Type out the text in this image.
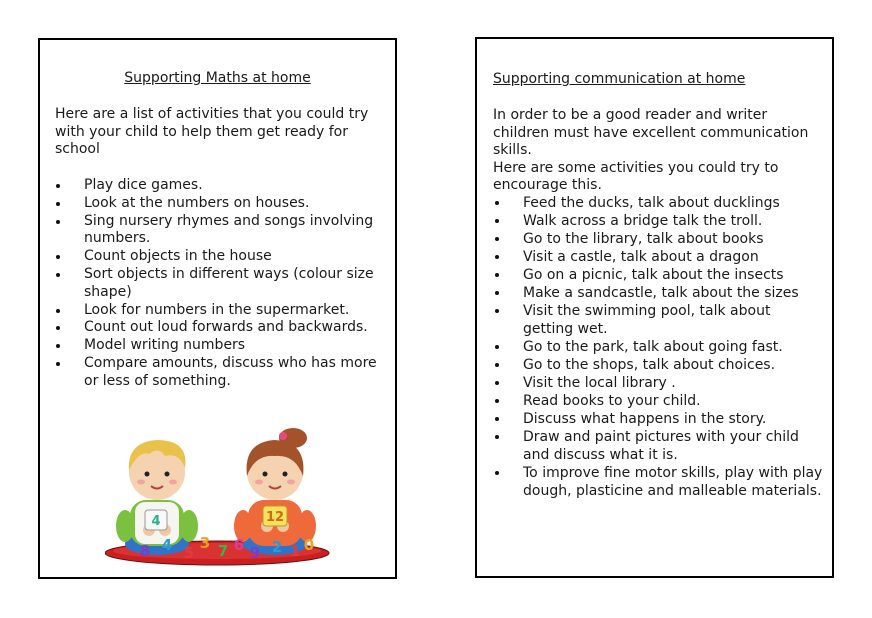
Supporting Maths at home

Here are a list of activities that you could try with your child to help them get ready for school

Play dice games.
Look at the numbers on houses.
Sing nursery rhymes and songs involving numbers.
Count objects in the house
Sort objects in different ways (colour size shape)
Look for numbers in the supermarket.
Count out loud forwards and backwards.
Model writing numbers
Compare amounts, discuss who has more or less of something.
4	12
8 4 5
3 7 6 9 2 1 0
Supporting communication at home
In order to be a good reader and writer children must have excellent communication skills.
Here are some activities you could try to encourage this.
Feed the ducks, talk about ducklings
Walk across a bridge talk the troll.
Go to the library, talk about books
Visit a castle, talk about a dragon
Go on a picnic, talk about the insects
Make a sandcastle, talk about the sizes
Visit the swimming pool, talk about getting wet.
Go to the park, talk about going fast.
Go to the shops, talk about choices.
Visit the local library .
Read books to your child.
Discuss what happens in the story.
Draw and paint pictures with your child and discuss what it is.
To improve fine motor skills, play with play dough, plasticine and malleable materials.
